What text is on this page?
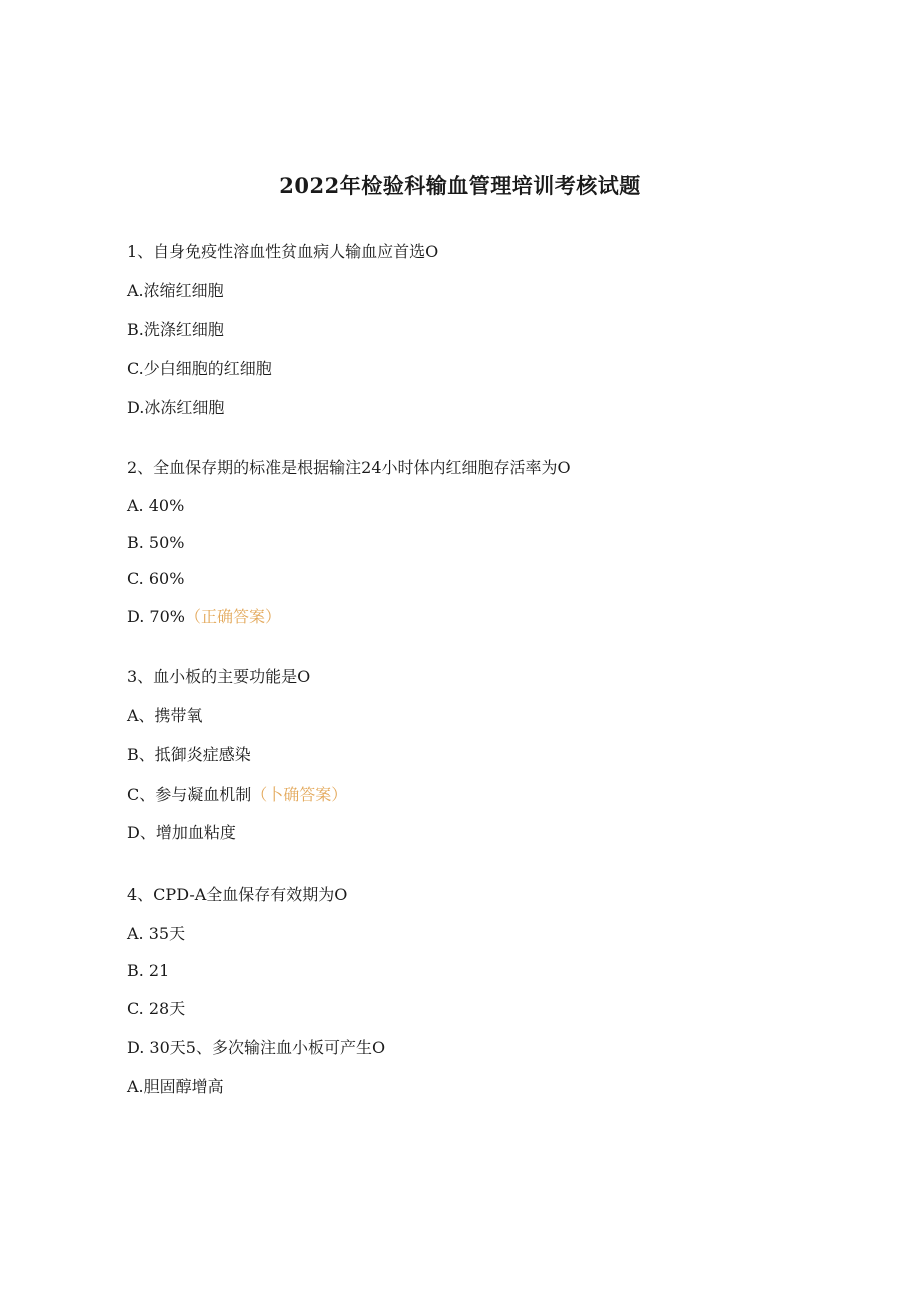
2022年检验科输血管理培训考核试题

1、自身免疫性溶血性贫血病人输血应首选O

A.浓缩红细胞

B.洗涤红细胞

C.少白细胞的红细胞

D.冰冻红细胞

2、全血保存期的标准是根据输注24小时体内红细胞存活率为O

A. 40%

B. 50%

C. 60%

D. 70%（正确答案）

3、血小板的主要功能是O

A、携带氧

B、抵御炎症感染

C、参与凝血机制（卜确答案）

D、增加血粘度

4、CPD-A全血保存有效期为O

A. 35天

B. 21

C. 28天

D. 30天5、多次输注血小板可产生O

A.胆固醇增高
